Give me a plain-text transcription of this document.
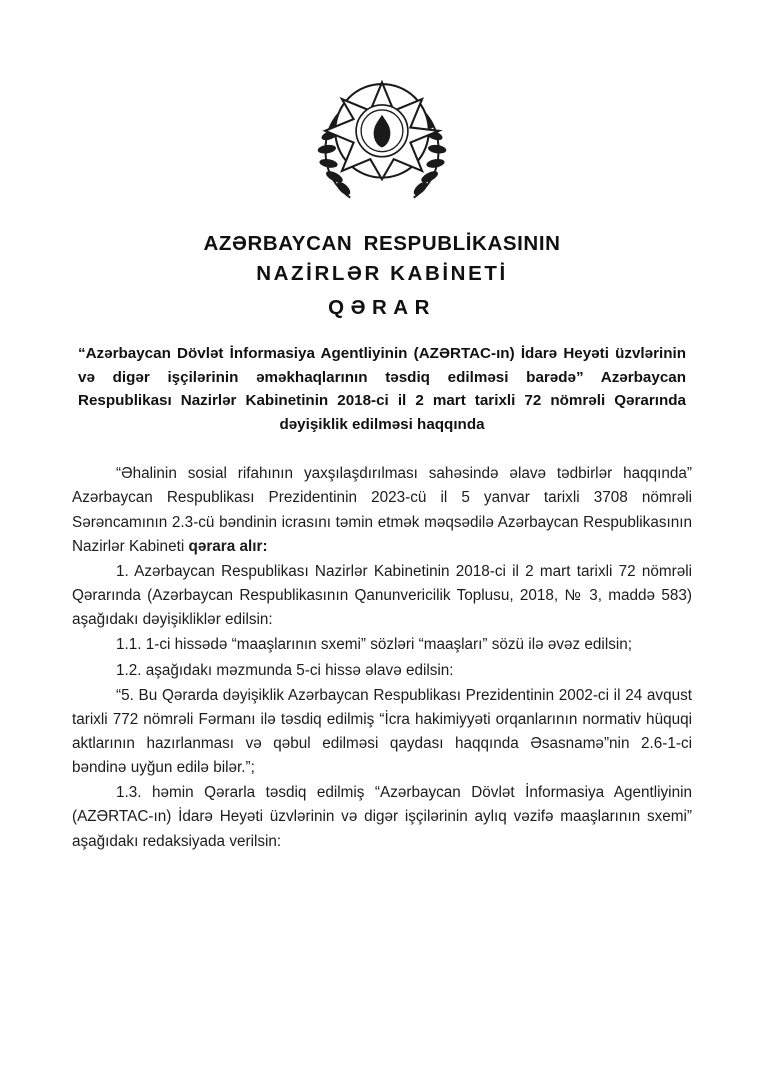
AZƏRBAYCAN RESPUBLİKASININ
NAZİRLƏR KABİNETİ
QƏRAR
“Azərbaycan Dövlət İnformasiya Agentliyinin (AZƏRTAC-ın) İdarə Heyəti üzvlərinin və digər işçilərinin əməkhaqlarının təsdiq edilməsi barədə” Azərbaycan Respublikası Nazirlər Kabinetinin 2018-ci il 2 mart tarixli 72 nömrəli Qərarında dəyişiklik edilməsi haqqında

“Əhalinin sosial rifahının yaxşılaşdırılması sahəsində əlavə tədbirlər haqqında” Azərbaycan Respublikası Prezidentinin 2023-cü il 5 yanvar tarixli 3708 nömrəli Sərəncamının 2.3-cü bəndinin icrasını təmin etmək məqsədilə Azərbaycan Respublikasının Nazirlər Kabineti qərara alır:

1. Azərbaycan Respublikası Nazirlər Kabinetinin 2018-ci il 2 mart tarixli 72 nömrəli Qərarında (Azərbaycan Respublikasının Qanunvericilik Toplusu, 2018, № 3, maddə 583) aşağıdakı dəyişikliklər edilsin:

1.1. 1-ci hissədə “maaşlarının sxemi” sözləri “maaşları” sözü ilə əvəz edilsin;

1.2. aşağıdakı məzmunda 5-ci hissə əlavə edilsin:

“5. Bu Qərarda dəyişiklik Azərbaycan Respublikası Prezidentinin 2002-ci il 24 avqust tarixli 772 nömrəli Fərmanı ilə təsdiq edilmiş “İcra hakimiyyəti orqanlarının normativ hüquqi aktlarının hazırlanması və qəbul edilməsi qaydası haqqında Əsasnamə”nin 2.6-1-ci bəndinə uyğun edilə bilər.”;

1.3. həmin Qərarla təsdiq edilmiş “Azərbaycan Dövlət İnformasiya Agentliyinin (AZƏRTAC-ın) İdarə Heyəti üzvlərinin və digər işçilərinin aylıq vəzifə maaşlarının sxemi” aşağıdakı redaksiyada verilsin:
